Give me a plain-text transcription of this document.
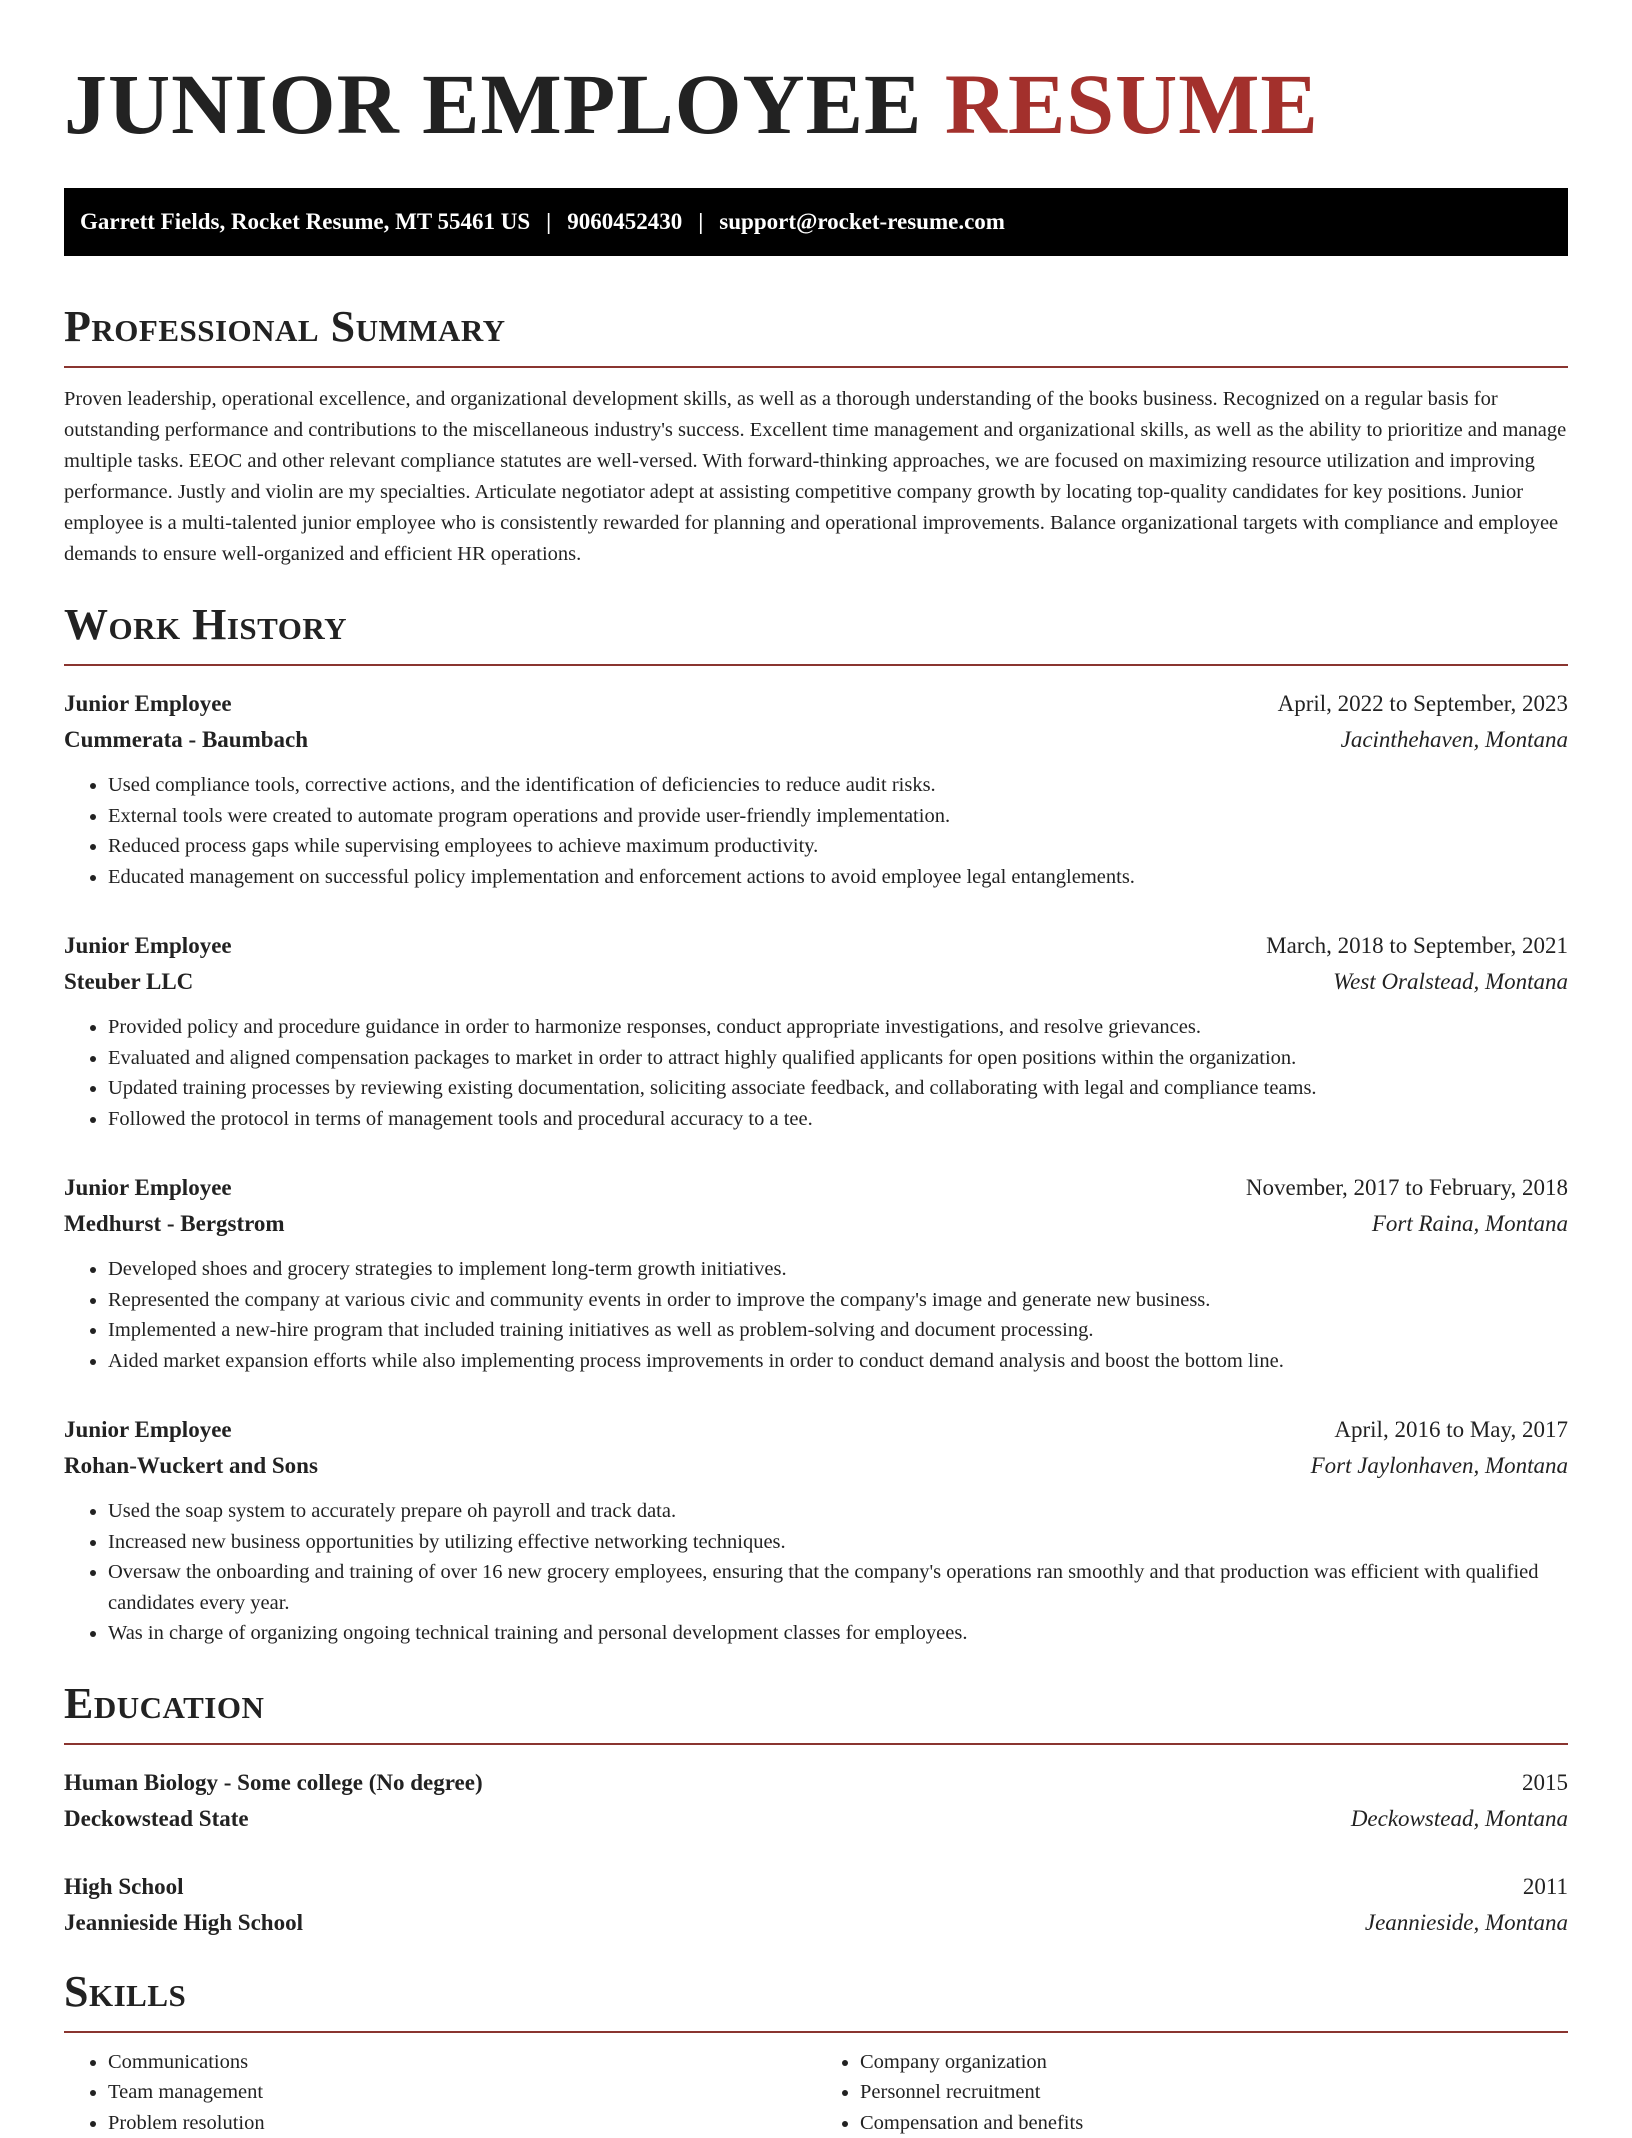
JUNIOR EMPLOYEE RESUME
Garrett Fields, Rocket Resume, MT 55461 US | 9060452430 | support@rocket-resume.com
Professional Summary

Proven leadership, operational excellence, and organizational development skills, as well as a thorough understanding of the books business. Recognized on a regular basis for outstanding performance and contributions to the miscellaneous industry's success. Excellent time management and organizational skills, as well as the ability to prioritize and manage multiple tasks. EEOC and other relevant compliance statutes are well-versed. With forward-thinking approaches, we are focused on maximizing resource utilization and improving performance. Justly and violin are my specialties. Articulate negotiator adept at assisting competitive company growth by locating top-quality candidates for key positions. Junior employee is a multi-talented junior employee who is consistently rewarded for planning and operational improvements. Balance organizational targets with compliance and employee demands to ensure well-organized and efficient HR operations.

Work History
Junior Employee	April, 2022 to September, 2023
Cummerata - Baumbach	Jacinthehaven, Montana
• Used compliance tools, corrective actions, and the identification of deficiencies to reduce audit risks.
• External tools were created to automate program operations and provide user-friendly implementation.
• Reduced process gaps while supervising employees to achieve maximum productivity.
• Educated management on successful policy implementation and enforcement actions to avoid employee legal entanglements.
Junior Employee	March, 2018 to September, 2021
Steuber LLC	West Oralstead, Montana
• Provided policy and procedure guidance in order to harmonize responses, conduct appropriate investigations, and resolve grievances.
• Evaluated and aligned compensation packages to market in order to attract highly qualified applicants for open positions within the organization.
• Updated training processes by reviewing existing documentation, soliciting associate feedback, and collaborating with legal and compliance teams.
• Followed the protocol in terms of management tools and procedural accuracy to a tee.
Junior Employee	November, 2017 to February, 2018
Medhurst - Bergstrom	Fort Raina, Montana
• Developed shoes and grocery strategies to implement long-term growth initiatives.
• Represented the company at various civic and community events in order to improve the company's image and generate new business.
• Implemented a new-hire program that included training initiatives as well as problem-solving and document processing.
• Aided market expansion efforts while also implementing process improvements in order to conduct demand analysis and boost the bottom line.
Junior Employee	April, 2016 to May, 2017
Rohan-Wuckert and Sons	Fort Jaylonhaven, Montana
• Used the soap system to accurately prepare oh payroll and track data.
• Increased new business opportunities by utilizing effective networking techniques.
• Oversaw the onboarding and training of over 16 new grocery employees, ensuring that the company's operations ran smoothly and that production was efficient with qualified candidates every year.
• Was in charge of organizing ongoing technical training and personal development classes for employees.
Education
Human Biology - Some college (No degree)	2015
Deckowstead State	Deckowstead, Montana
High School	2011
Jeannieside High School	Jeannieside, Montana
Skills
• Communications
• Team management
• Problem resolution
• Company organization
• Personnel recruitment
• Compensation and benefits
